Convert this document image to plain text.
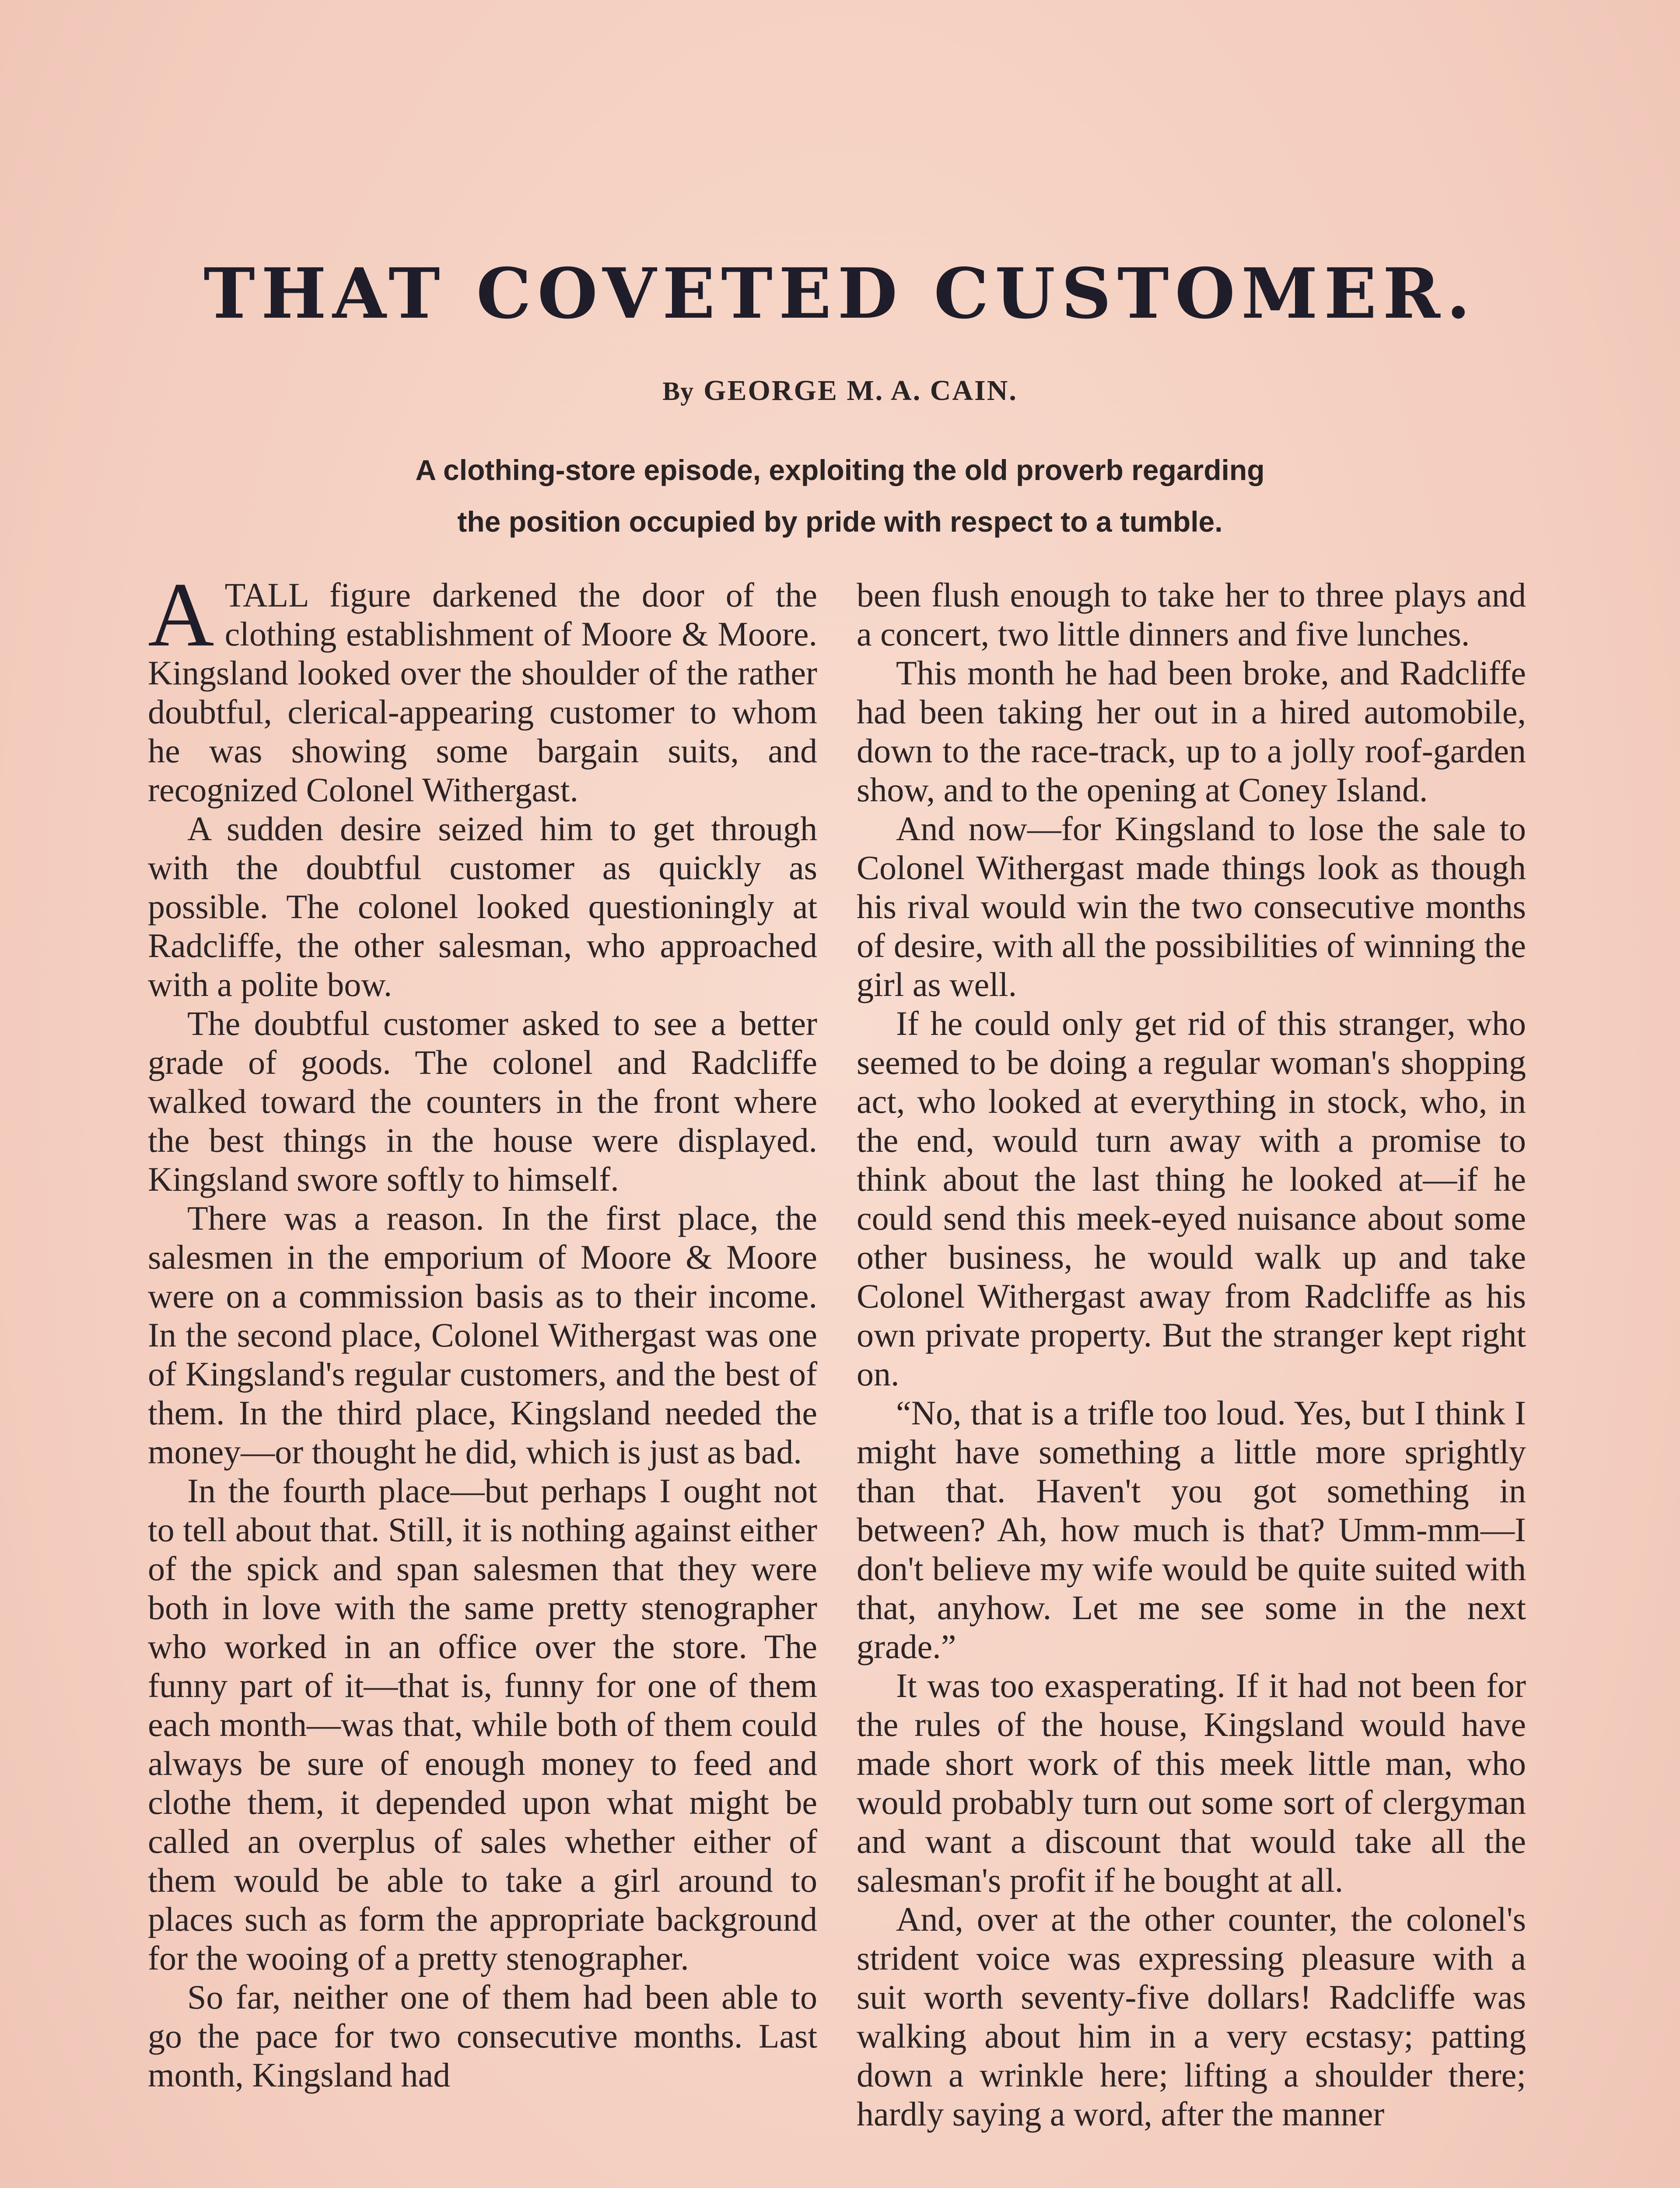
THAT COVETED CUSTOMER.

By GEORGE M. A. CAIN.

A clothing-store episode, exploiting the old proverb regarding
the position occupied by pride with respect to a tumble.

ATALL figure darkened the door of the clothing establishment of Moore & Moore. Kingsland looked over the shoulder of the rather doubtful, clerical-appearing customer to whom he was showing some bargain suits, and recognized Colonel Withergast.

A sudden desire seized him to get through with the doubtful customer as quickly as possible. The colonel looked questioningly at Radcliffe, the other salesman, who approached with a polite bow.

The doubtful customer asked to see a better grade of goods. The colonel and Radcliffe walked toward the counters in the front where the best things in the house were displayed. Kingsland swore softly to himself.

There was a reason. In the first place, the salesmen in the emporium of Moore & Moore were on a commission basis as to their income. In the second place, Colonel Withergast was one of Kingsland's regular customers, and the best of them. In the third place, Kingsland needed the money—or thought he did, which is just as bad.

In the fourth place—but perhaps I ought not to tell about that. Still, it is nothing against either of the spick and span salesmen that they were both in love with the same pretty stenographer who worked in an office over the store. The funny part of it—that is, funny for one of them each month—was that, while both of them could always be sure of enough money to feed and clothe them, it depended upon what might be called an overplus of sales whether either of them would be able to take a girl around to places such as form the appropriate background for the wooing of a pretty stenographer.

So far, neither one of them had been able to go the pace for two consecutive months. Last month, Kingsland had

been flush enough to take her to three plays and a concert, two little dinners and five lunches.

This month he had been broke, and Radcliffe had been taking her out in a hired automobile, down to the race-track, up to a jolly roof-garden show, and to the opening at Coney Island.

And now—for Kingsland to lose the sale to Colonel Withergast made things look as though his rival would win the two consecutive months of desire, with all the possibilities of winning the girl as well.

If he could only get rid of this stranger, who seemed to be doing a regular woman's shopping act, who looked at everything in stock, who, in the end, would turn away with a promise to think about the last thing he looked at—if he could send this meek-eyed nuisance about some other business, he would walk up and take Colonel Withergast away from Radcliffe as his own private property. But the stranger kept right on.

“No, that is a trifle too loud. Yes, but I think I might have something a little more sprightly than that. Haven't you got something in between? Ah, how much is that? Umm-mm—I don't believe my wife would be quite suited with that, anyhow. Let me see some in the next grade.”

It was too exasperating. If it had not been for the rules of the house, Kingsland would have made short work of this meek little man, who would probably turn out some sort of clergyman and want a discount that would take all the salesman's profit if he bought at all.

And, over at the other counter, the colonel's strident voice was expressing pleasure with a suit worth seventy-five dollars! Radcliffe was walking about him in a very ecstasy; patting down a wrinkle here; lifting a shoulder there; hardly saying a word, after the manner
